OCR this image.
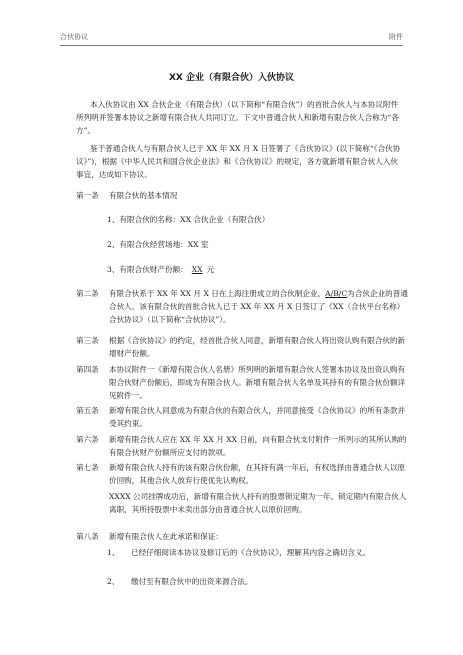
合伙协议	附件
XX 企业（有限合伙）入伙协议

本入伙协议由 XX 合伙企业（有限合伙）（以下简称“有限合伙”）的首批合伙人与本协议附件所列明并签署本协议之新增有限合伙人共同订立。下文中普通合伙人和新增有限合伙人合称为“各方”。

鉴于普通合伙人与有限合伙人已于 XX 年 XX 月 X 日签署了《合伙协议》(以下简称“《合伙协议》”)，根据《中华人民共和国合伙企业法》和《合伙协议》的规定，各方就新增有限合伙人入伙事宜，达成如下协议。

第一条 有限合伙的基本情况
1、有限合伙的名称：XX 合伙企业（有限合伙）
2、有限合伙经营场地：XX 室
3、有限合伙财产份额： XX 元
第二条 有限合伙系于 XX 年 XX 月 X 日在上海注册成立的合伙制企业，A/B/C为合伙企业的普通合伙人。该有限合伙的首批合伙人已于 XX 年 XX 月 X 日签订了《XX（合伙平台名称）合伙协议》（以下简称“合伙协议”）。
第三条 根据《合伙协议》的约定，经首批合伙人同意，新增有限合伙人将出资认购有限合伙的新增财产份额。
第四条 本协议附件一《新增有限合伙人名册》所列明的新增有限合伙人签署本协议及出资认购有限合伙财产份额后，即成为有限合伙人。新增有限合伙人名单及其持有的有限合伙份额详见附件一。
第五条 新增有限合伙人同意成为有限合伙的有限合伙人，并同意接受《合伙协议》的所有条款并受其约束。
第六条 新增有限合伙人应在 XX 年 XX 月 XX 日前，向有限合伙支付附件一所列示的其所认购的有限合伙财产份额所应支付的款项。
第七条 新增有限合伙人持有的该有限合伙份额，在其持有满一年后，有权选择由普通合伙人以原价回购，其他合伙人放弃行使优先认购权。

XXXX 公司挂牌成功后，新增有限合伙人持有的股票锁定期为一年。锁定期内有限合伙人离职，其所持股票中未卖出部分由普通合伙人以原价回购。

第八条 新增有限合伙人在此承诺和保证：
1、 已经仔细阅读本协议及修订后的《合伙协议》，理解其内容之确切含义。
2、 缴付至有限合伙中的出资来源合法。
